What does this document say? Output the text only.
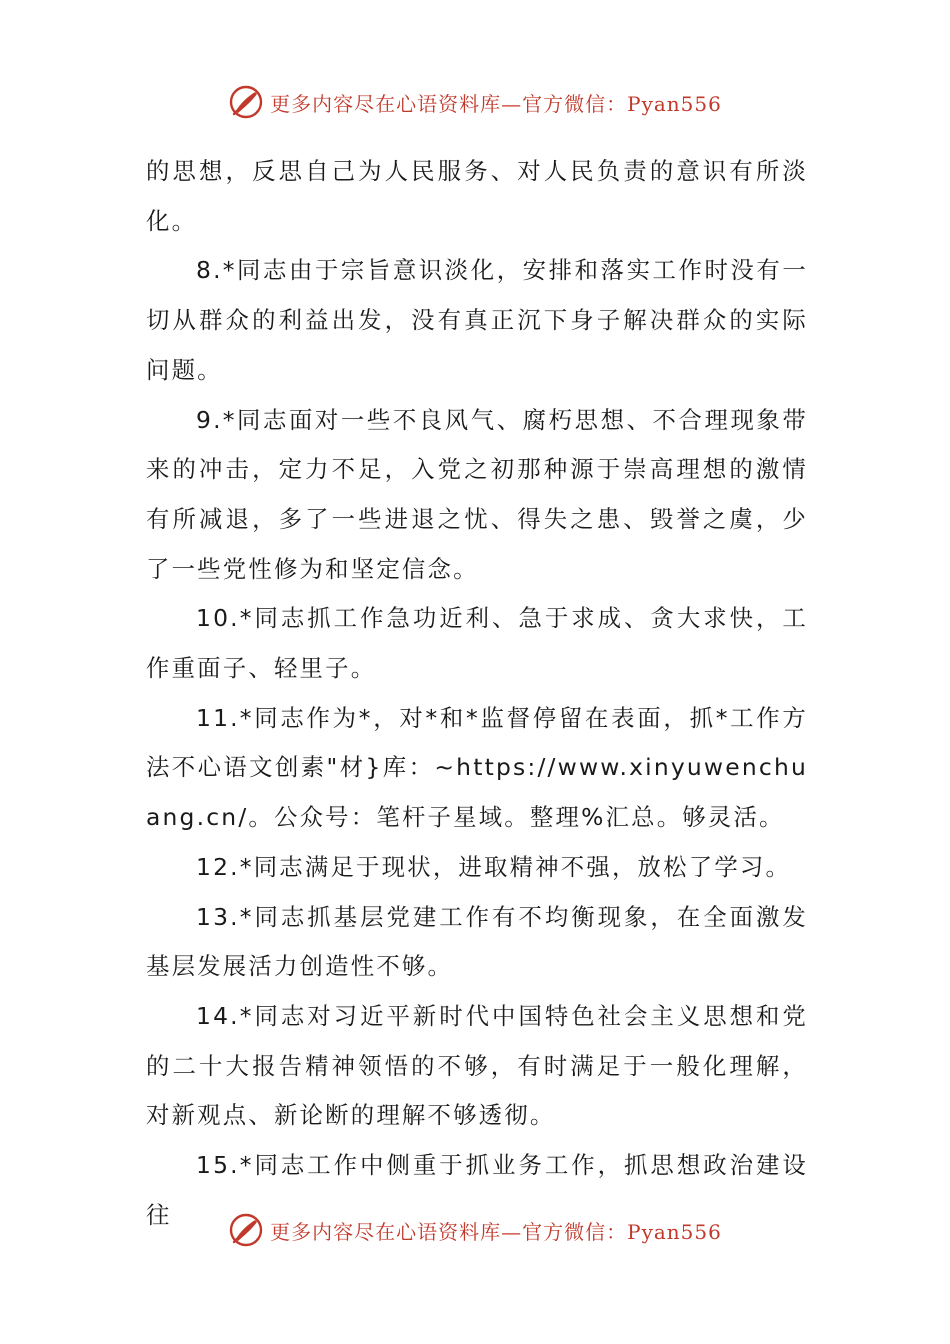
更多内容尽在心语资料库—官方微信：Pyan556

的思想，反思自己为人民服务、对人民负责的意识有所淡化。

8.*同志由于宗旨意识淡化，安排和落实工作时没有一切从群众的利益出发，没有真正沉下身子解决群众的实际问题。

9.*同志面对一些不良风气、腐朽思想、不合理现象带来的冲击，定力不足，入党之初那种源于崇高理想的激情有所减退，多了一些进退之忧、得失之患、毁誉之虞，少了一些党性修为和坚定信念。

10.*同志抓工作急功近利、急于求成、贪大求快，工作重面子、轻里子。

11.*同志作为*，对*和*监督停留在表面，抓*工作方法不心语文创素"材}库：~https://www.xinyuwenchuang.cn/。公众号：笔杆子星域。整理%汇总。够灵活。

12.*同志满足于现状，进取精神不强，放松了学习。

13.*同志抓基层党建工作有不均衡现象，在全面激发基层发展活力创造性不够。

14.*同志对习近平新时代中国特色社会主义思想和党的二十大报告精神领悟的不够，有时满足于一般化理解，对新观点、新论断的理解不够透彻。

15.*同志工作中侧重于抓业务工作，抓思想政治建设往

更多内容尽在心语资料库—官方微信：Pyan556
